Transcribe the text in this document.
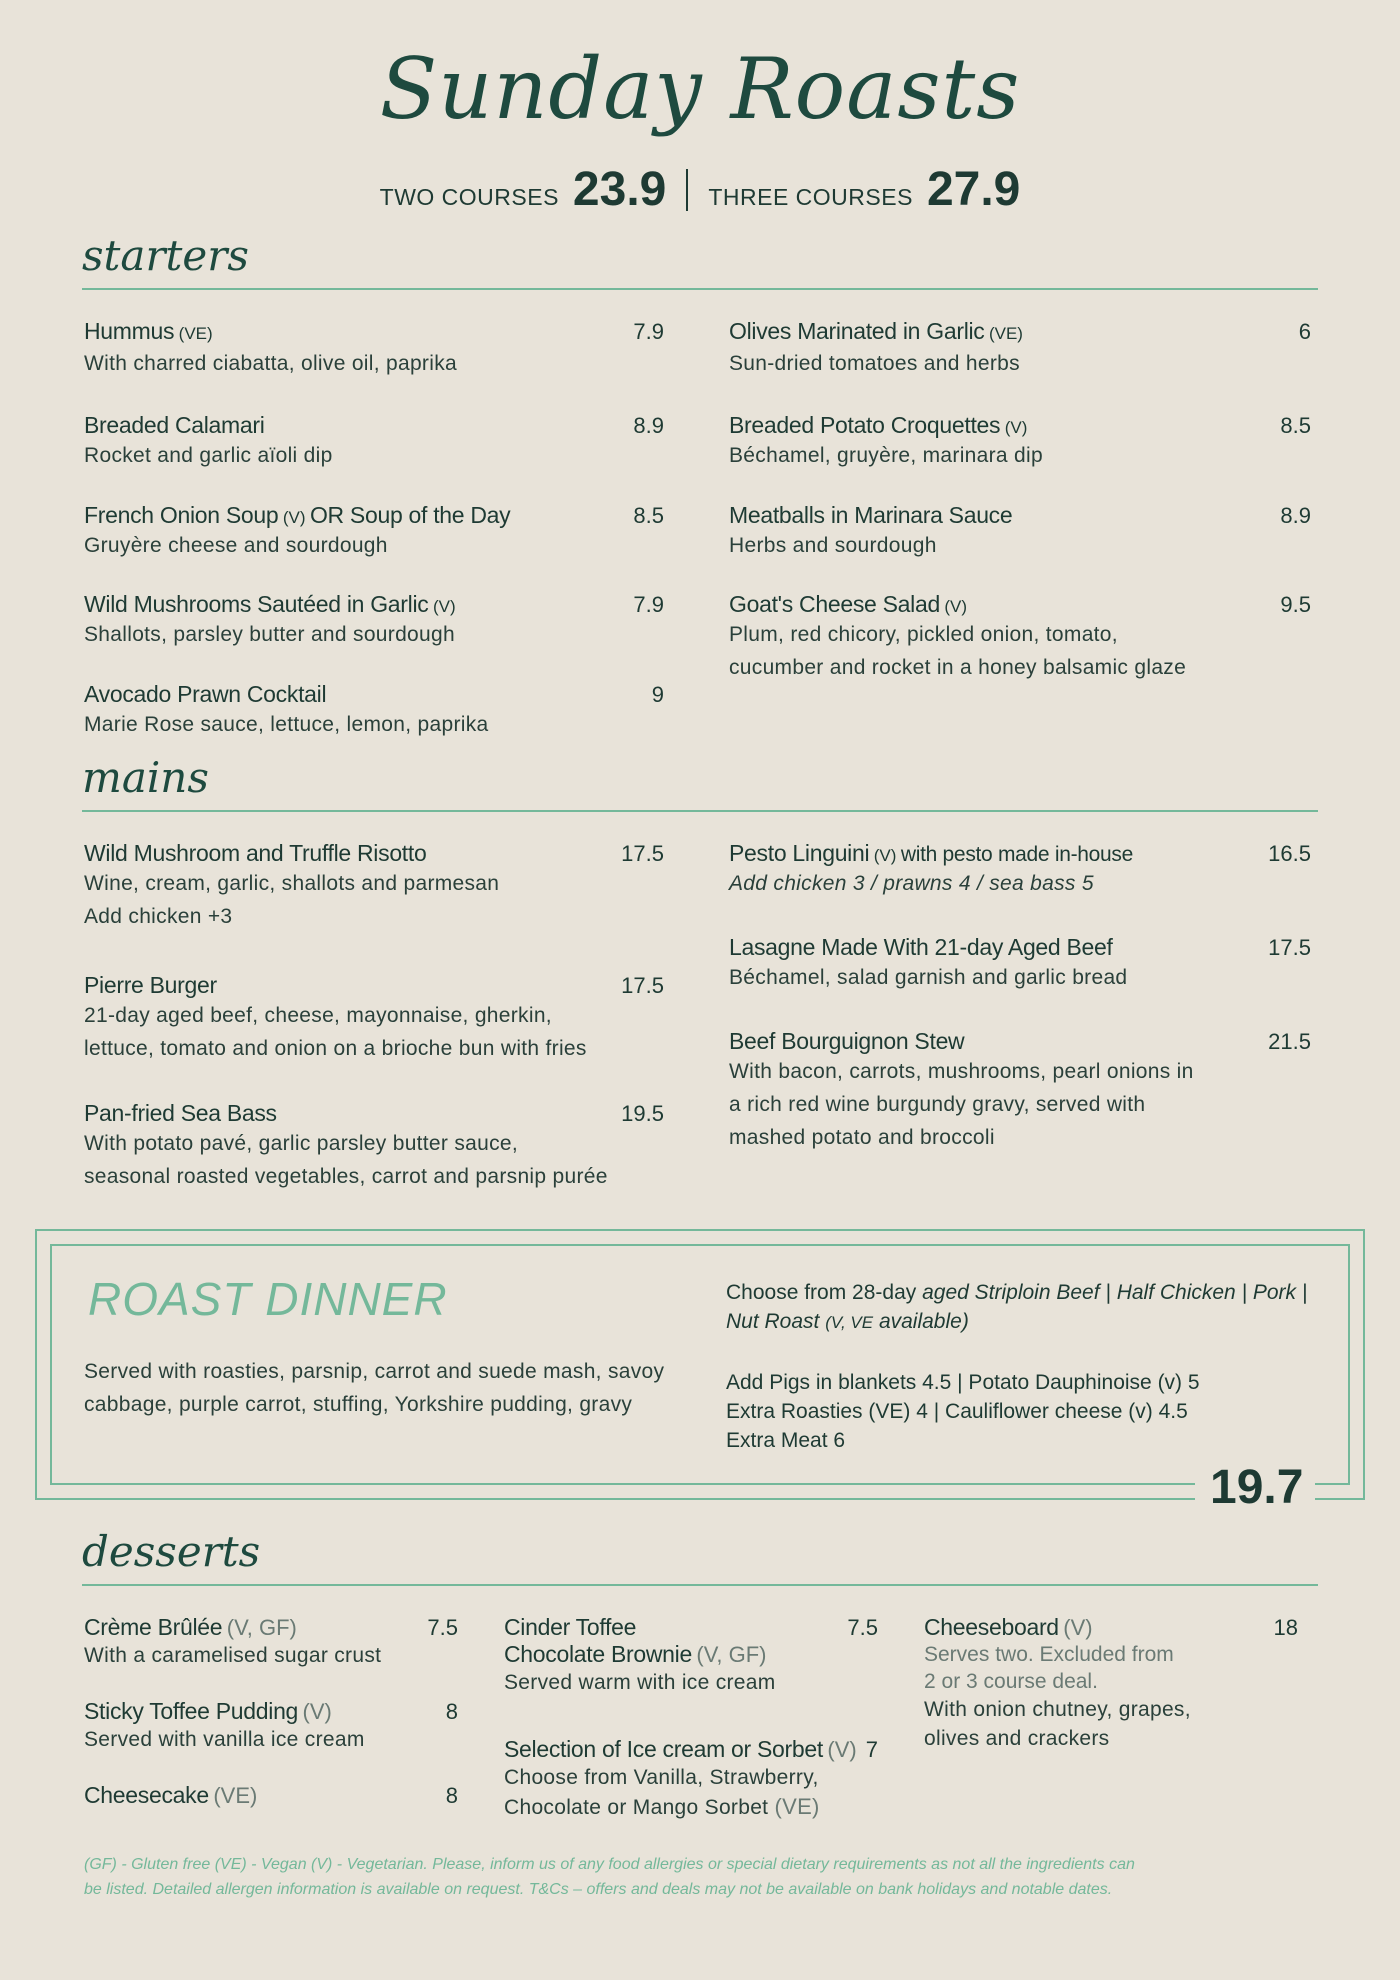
Sunday Roasts
TWO COURSES 23.9 THREE COURSES 27.9
starters
Hummus (VE)	7.9
With charred ciabatta, olive oil, paprika
Breaded Calamari	8.9
Rocket and garlic aïoli dip
French Onion Soup (V) OR Soup of the Day	8.5
Gruyère cheese and sourdough
Wild Mushrooms Sautéed in Garlic (V)	7.9
Shallots, parsley butter and sourdough
Avocado Prawn Cocktail	9
Marie Rose sauce, lettuce, lemon, paprika
Olives Marinated in Garlic (VE)	6
Sun-dried tomatoes and herbs
Breaded Potato Croquettes (V)	8.5
Béchamel, gruyère, marinara dip
Meatballs in Marinara Sauce	8.9
Herbs and sourdough
Goat's Cheese Salad (V)	9.5
Plum, red chicory, pickled onion, tomato,
cucumber and rocket in a honey balsamic glaze
mains
Wild Mushroom and Truffle Risotto	17.5
Wine, cream, garlic, shallots and parmesan
Add chicken +3
Pierre Burger	17.5
21-day aged beef, cheese, mayonnaise, gherkin,
lettuce, tomato and onion on a brioche bun with fries
Pan-fried Sea Bass	19.5
With potato pavé, garlic parsley butter sauce,
seasonal roasted vegetables, carrot and parsnip purée
Pesto Linguini (V) with pesto made in-house	16.5
Add chicken 3 / prawns 4 / sea bass 5
Lasagne Made With 21-day Aged Beef	17.5
Béchamel, salad garnish and garlic bread
Beef Bourguignon Stew	21.5
With bacon, carrots, mushrooms, pearl onions in
a rich red wine burgundy gravy, served with
mashed potato and broccoli
ROAST DINNER
Served with roasties, parsnip, carrot and suede mash, savoy cabbage, purple carrot, stuffing, Yorkshire pudding, gravy
Choose from 28-day aged Striploin Beef | Half Chicken | Pork | Nut Roast (V, VE available)
Add Pigs in blankets 4.5 | Potato Dauphinoise (v) 5
Extra Roasties (VE) 4 | Cauliflower cheese (v) 4.5
Extra Meat 6
19.7
desserts
Crème Brûlée (V, GF)	7.5
With a caramelised sugar crust
Sticky Toffee Pudding (V)	8
Served with vanilla ice cream
Cheesecake (VE)	8
Cinder Toffee	7.5
Chocolate Brownie (V, GF)
Served warm with ice cream
Selection of Ice cream or Sorbet (V) 7
Choose from Vanilla, Strawberry,
Chocolate or Mango Sorbet (VE)
Cheeseboard (V)	18
Serves two. Excluded from
2 or 3 course deal.
With onion chutney, grapes,
olives and crackers
(GF) - Gluten free (VE) - Vegan (V) - Vegetarian. Please, inform us of any food allergies or special dietary requirements as not all the ingredients can
be listed. Detailed allergen information is available on request. T&Cs – offers and deals may not be available on bank holidays and notable dates.
